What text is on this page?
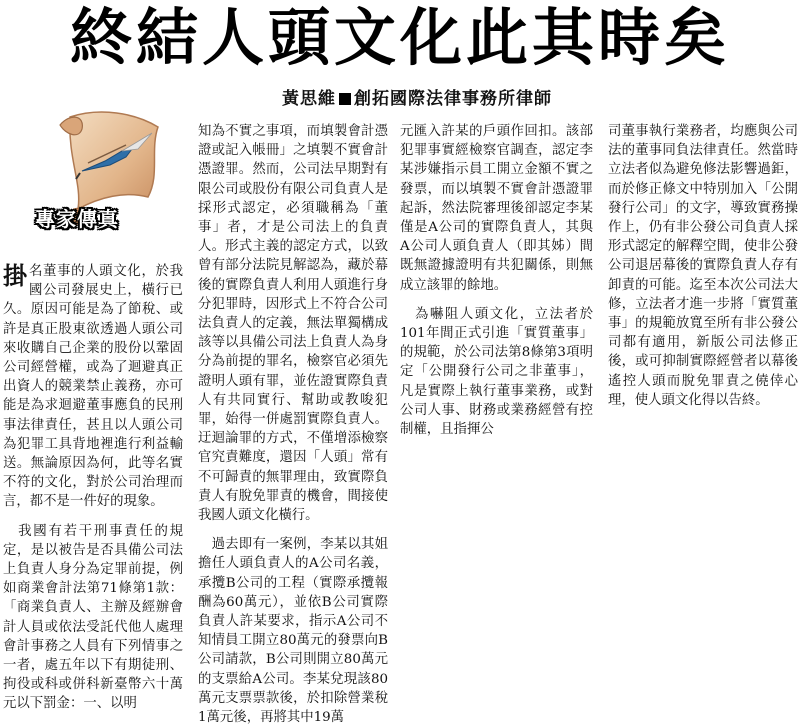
終結人頭文化此其時矣
黃思維 創拓國際法律事務所律師
專家傳真

掛名董事的人頭文化，於我國公司發展史上，橫行已久。原因可能是為了節稅、或許是真正股東欲透過人頭公司來收購自己企業的股份以鞏固公司經營權，或為了迴避真正出資人的競業禁止義務，亦可能是為求迴避董事應負的民刑事法律責任，甚且以人頭公司為犯罪工具背地裡進行利益輸送。無論原因為何，此等名實不符的文化，對於公司治理而言，都不是一件好的現象。

　我國有若干刑事責任的規定，是以被告是否具備公司法上負責人身分為定罪前提，例如商業會計法第71條第1款：「商業負責人、主辦及經辦會計人員或依法受託代他人處理會計事務之人員有下列情事之一者，處五年以下有期徒刑、拘役或科或併科新臺幣六十萬元以下罰金：一、以明

知為不實之事項，而填製會計憑證或記入帳冊」之填製不實會計憑證罪。然而，公司法早期對有限公司或股份有限公司負責人是採形式認定，必須職稱為「董事」者，才是公司法上的負責人。形式主義的認定方式，以致曾有部分法院見解認為，藏於幕後的實際負責人利用人頭進行身分犯罪時，因形式上不符合公司法負責人的定義，無法單獨構成該等以具備公司法上負責人為身分為前提的罪名，檢察官必須先證明人頭有罪，並佐證實際負責人有共同實行、幫助或教唆犯罪，始得一併處罰實際負責人。迂迴論罪的方式，不僅增添檢察官究責難度，還因「人頭」常有不可歸責的無罪理由，致實際負責人有脫免罪責的機會，間接使我國人頭文化橫行。

　過去即有一案例，李某以其姐擔任人頭負責人的A公司名義，承攬B公司的工程（實際承攬報酬為60萬元），並依B公司實際負責人許某要求，指示A公司不知情員工開立80萬元的發票向B公司請款，B公司則開立80萬元的支票給A公司。李某兌現該80萬元支票票款後，於扣除營業稅1萬元後，再將其中19萬

元匯入許某的戶頭作回扣。該部犯罪事實經檢察官調查，認定李某涉嫌指示員工開立金額不實之發票，而以填製不實會計憑證罪起訴，然法院審理後卻認定李某僅是A公司的實際負責人，其與A公司人頭負責人（即其姊）間既無證據證明有共犯關係，則無成立該罪的餘地。

　為嚇阻人頭文化，立法者於101年間正式引進「實質董事」的規範，於公司法第8條第3項明定「公開發行公司之非董事」，凡是實際上執行董事業務，或對公司人事、財務或業務經營有控制權，且指揮公

司董事執行業務者，均應與公司法的董事同負法律責任。然當時立法者似為避免修法影響過鉅，而於修正條文中特別加入「公開發行公司」的文字，導致實務操作上，仍有非公發公司負責人採形式認定的解釋空間，使非公發公司退居幕後的實際負責人存有卸責的可能。迄至本次公司法大修，立法者才進一步將「實質董事」的規範放寬至所有非公發公司都有適用，新版公司法修正後，或可抑制實際經營者以幕後遙控人頭而脫免罪責之僥倖心理，使人頭文化得以告終。
